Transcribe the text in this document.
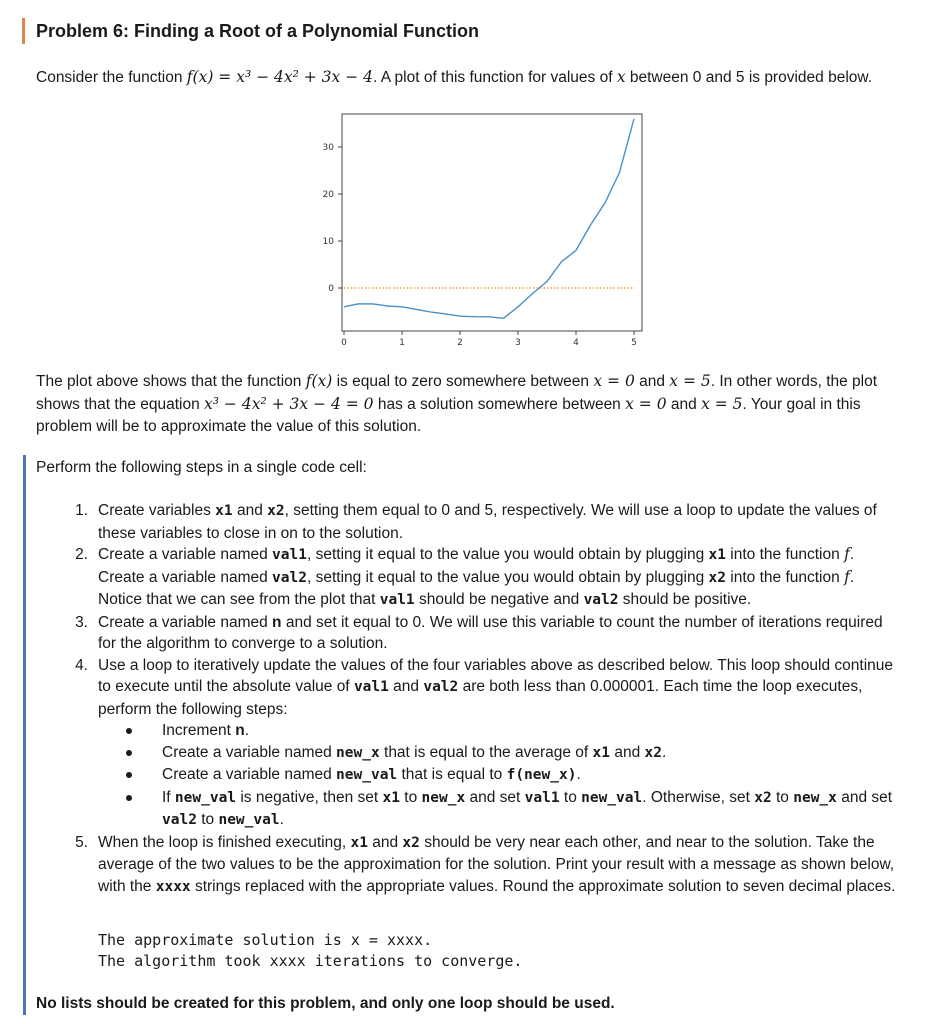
Problem 6: Finding a Root of a Polynomial Function
Consider the function f(x) = x³ − 4x² + 3x − 4. A plot of this function for values of x between 0 and 5 is provided below.
0
10
20
30
0	1	2	3	4	5
The plot above shows that the function f(x) is equal to zero somewhere between x = 0 and x = 5. In other words, the plot shows that the equation x³ − 4x² + 3x − 4 = 0 has a solution somewhere between x = 0 and x = 5. Your goal in this problem will be to approximate the value of this solution.
Perform the following steps in a single code cell:
1. Create variables x1 and x2, setting them equal to 0 and 5, respectively. We will use a loop to update the values of these variables to close in on to the solution.
2. Create a variable named val1, setting it equal to the value you would obtain by plugging x1 into the function f. Create a variable named val2, setting it equal to the value you would obtain by plugging x2 into the function f. Notice that we can see from the plot that val1 should be negative and val2 should be positive.
3. Create a variable named n and set it equal to 0. We will use this variable to count the number of iterations required for the algorithm to converge to a solution.
4. Use a loop to iteratively update the values of the four variables above as described below. This loop should continue to execute until the absolute value of val1 and val2 are both less than 0.000001. Each time the loop executes, perform the following steps:
Increment n.
Create a variable named new_x that is equal to the average of x1 and x2.
Create a variable named new_val that is equal to f(new_x).
If new_val is negative, then set x1 to new_x and set val1 to new_val. Otherwise, set x2 to new_x and set val2 to new_val.
5. When the loop is finished executing, x1 and x2 should be very near each other, and near to the solution. Take the average of the two values to be the approximation for the solution. Print your result with a message as shown below, with the xxxx strings replaced with the appropriate values. Round the approximate solution to seven decimal places.
The approximate solution is x = xxxx.
The algorithm took xxxx iterations to converge.
No lists should be created for this problem, and only one loop should be used.
